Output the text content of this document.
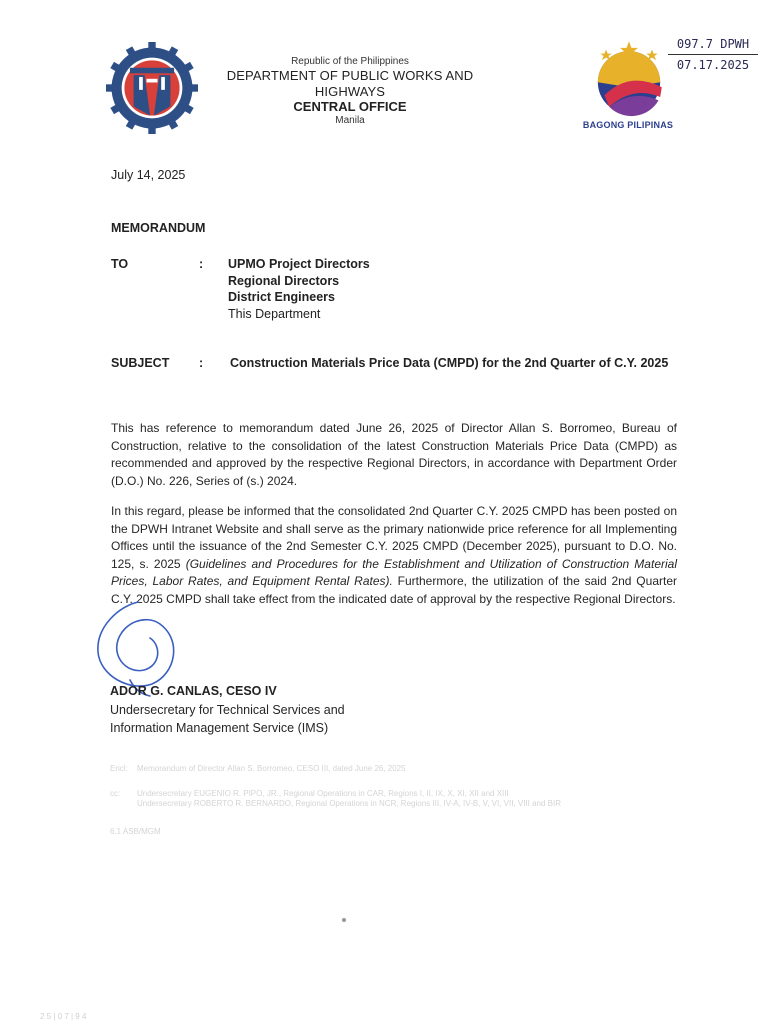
Republic of the Philippines
DEPARTMENT OF PUBLIC WORKS AND HIGHWAYS
CENTRAL OFFICE
Manila	BAGONG PILIPINAS
097.7 DPWH
07.17.2025
July 14, 2025
MEMORANDUM
TO	: UPMO Project Directors
Regional Directors
District Engineers
This Department
SUBJECT : Construction Materials Price Data (CMPD) for the 2nd Quarter of C.Y. 2025
This has reference to memorandum dated June 26, 2025 of Director Allan S. Borromeo, Bureau of Construction, relative to the consolidation of the latest Construction Materials Price Data (CMPD) as recommended and approved by the respective Regional Directors, in accordance with Department Order (D.O.) No. 226, Series of (s.) 2024.
In this regard, please be informed that the consolidated 2nd Quarter C.Y. 2025 CMPD has been posted on the DPWH Intranet Website and shall serve as the primary nationwide price reference for all Implementing Offices until the issuance of the 2nd Semester C.Y. 2025 CMPD (December 2025), pursuant to D.O. No. 125, s. 2025 (Guidelines and Procedures for the Establishment and Utilization of Construction Material Prices, Labor Rates, and Equipment Rental Rates). Furthermore, the utilization of the said 2nd Quarter C.Y. 2025 CMPD shall take effect from the indicated date of approval by the respective Regional Directors.
ADOR G. CANLAS, CESO IV
Undersecretary for Technical Services and
Information Management Service (IMS)
Encl: Memorandum of Director Allan S. Borromeo, CESO III, dated June 26, 2025
cc: Undersecretary EUGENIO R. PIPO, JR., Regional Operations in CAR, Regions I, II, IX, X, XI, XII and XIII
Undersecretary ROBERTO R. BERNARDO, Regional Operations in NCR, Regions III, IV-A, IV-B, V, VI, VII, VIII and BIR
6.1 ASB/MGM
2 5 | 0 7 | 9 4
